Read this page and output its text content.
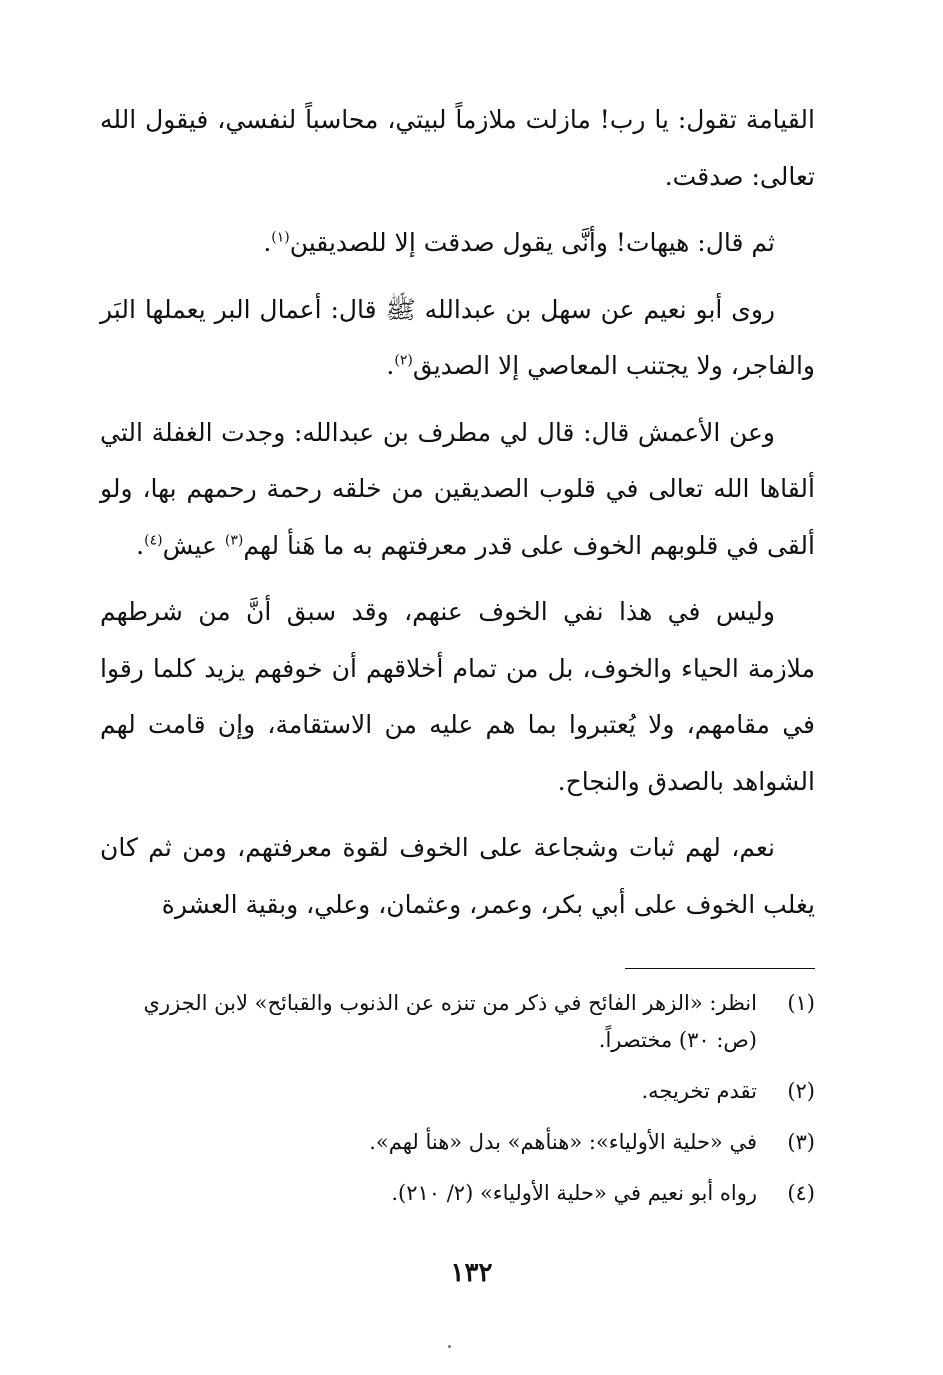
القيامة تقول: يا رب! مازلت ملازماً لبيتي، محاسباً لنفسي، فيقول الله تعالى: صدقت.

ثم قال: هيهات! وأنَّى يقول صدقت إلا للصديقين$^{(١)}$.

روى أبو نعيم عن سهل بن عبدالله ﷺ قال: أعمال البر يعملها البَر والفاجر، ولا يجتنب المعاصي إلا الصديق$^{(٢)}$.

وعن الأعمش قال: قال لي مطرف بن عبدالله: وجدت الغفلة التي ألقاها الله تعالى في قلوب الصديقين من خلقه رحمة رحمهم بها، ولو ألقى في قلوبهم الخوف على قدر معرفتهم به ما هَنأ لهم$^{(٣)}$ عيش$^{(٤)}$.

وليس في هذا نفي الخوف عنهم، وقد سبق أنَّ من شرطهم ملازمة الحياء والخوف، بل من تمام أخلاقهم أن خوفهم يزيد كلما رقوا في مقامهم، ولا يُعتبروا بما هم عليه من الاستقامة، وإن قامت لهم الشواهد بالصدق والنجاح.

نعم، لهم ثبات وشجاعة على الخوف لقوة معرفتهم، ومن ثم كان يغلب الخوف على أبي بكر، وعمر، وعثمان، وعلي، وبقية العشرة

(١)
انظر: «الزهر الفائح في ذكر من تنزه عن الذنوب والقبائح» لابن الجزري
(ص: ٣٠) مختصراً.
(٢)
تقدم تخريجه.
(٣)
في «حلية الأولياء»: «هنأهم» بدل «هنأ لهم».
(٤)
رواه أبو نعيم في «حلية الأولياء» (٢/ ٢١٠).
١٣٢
